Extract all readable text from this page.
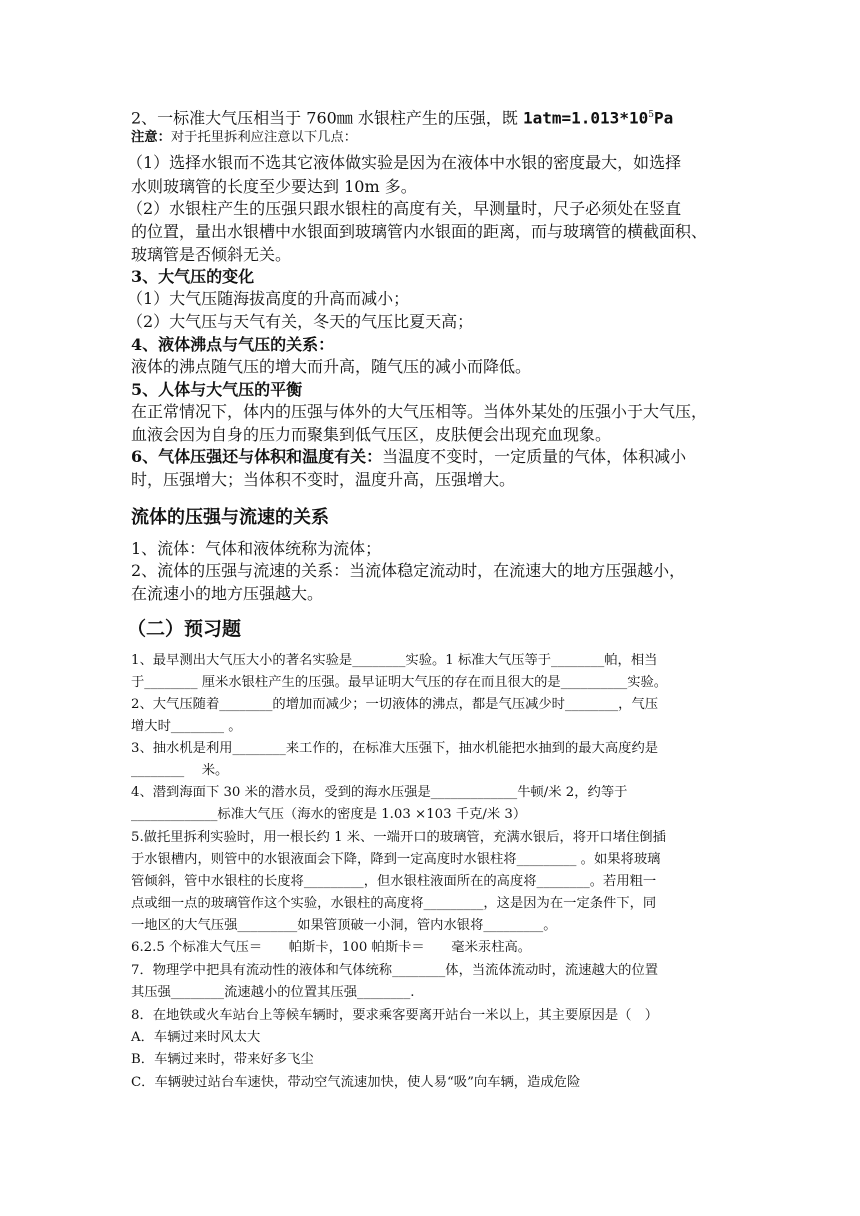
2、一标准大气压相当于 760㎜ 水银柱产生的压强，既 $1atm=1.013*10^5Pa$
注意：对于托里拆利应注意以下几点：
（1）选择水银而不选其它液体做实验是因为在液体中水银的密度最大，如选择
水则玻璃管的长度至少要达到 10m 多。
（2）水银柱产生的压强只跟水银柱的高度有关，早测量时，尺子必须处在竖直
的位置，量出水银槽中水银面到玻璃管内水银面的距离，而与玻璃管的横截面积、
玻璃管是否倾斜无关。
3、大气压的变化
（1）大气压随海拔高度的升高而减小；
（2）大气压与天气有关，冬天的气压比夏天高；
4、液体沸点与气压的关系：
液体的沸点随气压的增大而升高，随气压的减小而降低。
5、人体与大气压的平衡
在正常情况下，体内的压强与体外的大气压相等。当体外某处的压强小于大气压，
血液会因为自身的压力而聚集到低气压区，皮肤便会出现充血现象。
6、气体压强还与体积和温度有关：当温度不变时，一定质量的气体，体积减小
时，压强增大；当体积不变时，温度升高，压强增大。
流体的压强与流速的关系
1、流体：气体和液体统称为流体；
2、流体的压强与流速的关系：当流体稳定流动时，在流速大的地方压强越小，
在流速小的地方压强越大。
（二）预习题
1、最早测出大气压大小的著名实验是________实验。1 标准大气压等于________帕，相当
于________ 厘米水银柱产生的压强。最早证明大气压的存在而且很大的是__________实验。
2、大气压随着________的增加而减少；一切液体的沸点，都是气压减少时________，气压
增大时________ 。
3、抽水机是利用________来工作的，在标准大压强下，抽水机能把水抽到的最大高度约是
________ 　米。
4、潜到海面下 30 米的潜水员，受到的海水压强是_____________牛顿/米 2，约等于
_____________标准大气压（海水的密度是 1.03 ×103 千克/米 3）
5.做托里拆利实验时，用一根长约 1 米、一端开口的玻璃管，充满水银后，将开口堵住倒插
于水银槽内，则管中的水银液面会下降，降到一定高度时水银柱将_________ 。如果将玻璃
管倾斜，管中水银柱的长度将_________，但水银柱液面所在的高度将________。若用粗一
点或细一点的玻璃管作这个实验，水银柱的高度将_________，这是因为在一定条件下，同
一地区的大气压强_________如果管顶破一小洞，管内水银将_________。
6.2.5 个标准大气压＝　　帕斯卡，100 帕斯卡＝　　毫米汞柱高。
7．物理学中把具有流动性的液体和气体统称________体，当流体流动时，流速越大的位置
其压强________流速越小的位置其压强________.
8．在地铁或火车站台上等候车辆时，要求乘客要离开站台一米以上，其主要原因是（　）
A．车辆过来时风太大
B．车辆过来时，带来好多飞尘
C．车辆驶过站台车速快，带动空气流速加快，使人易“吸”向车辆，造成危险
